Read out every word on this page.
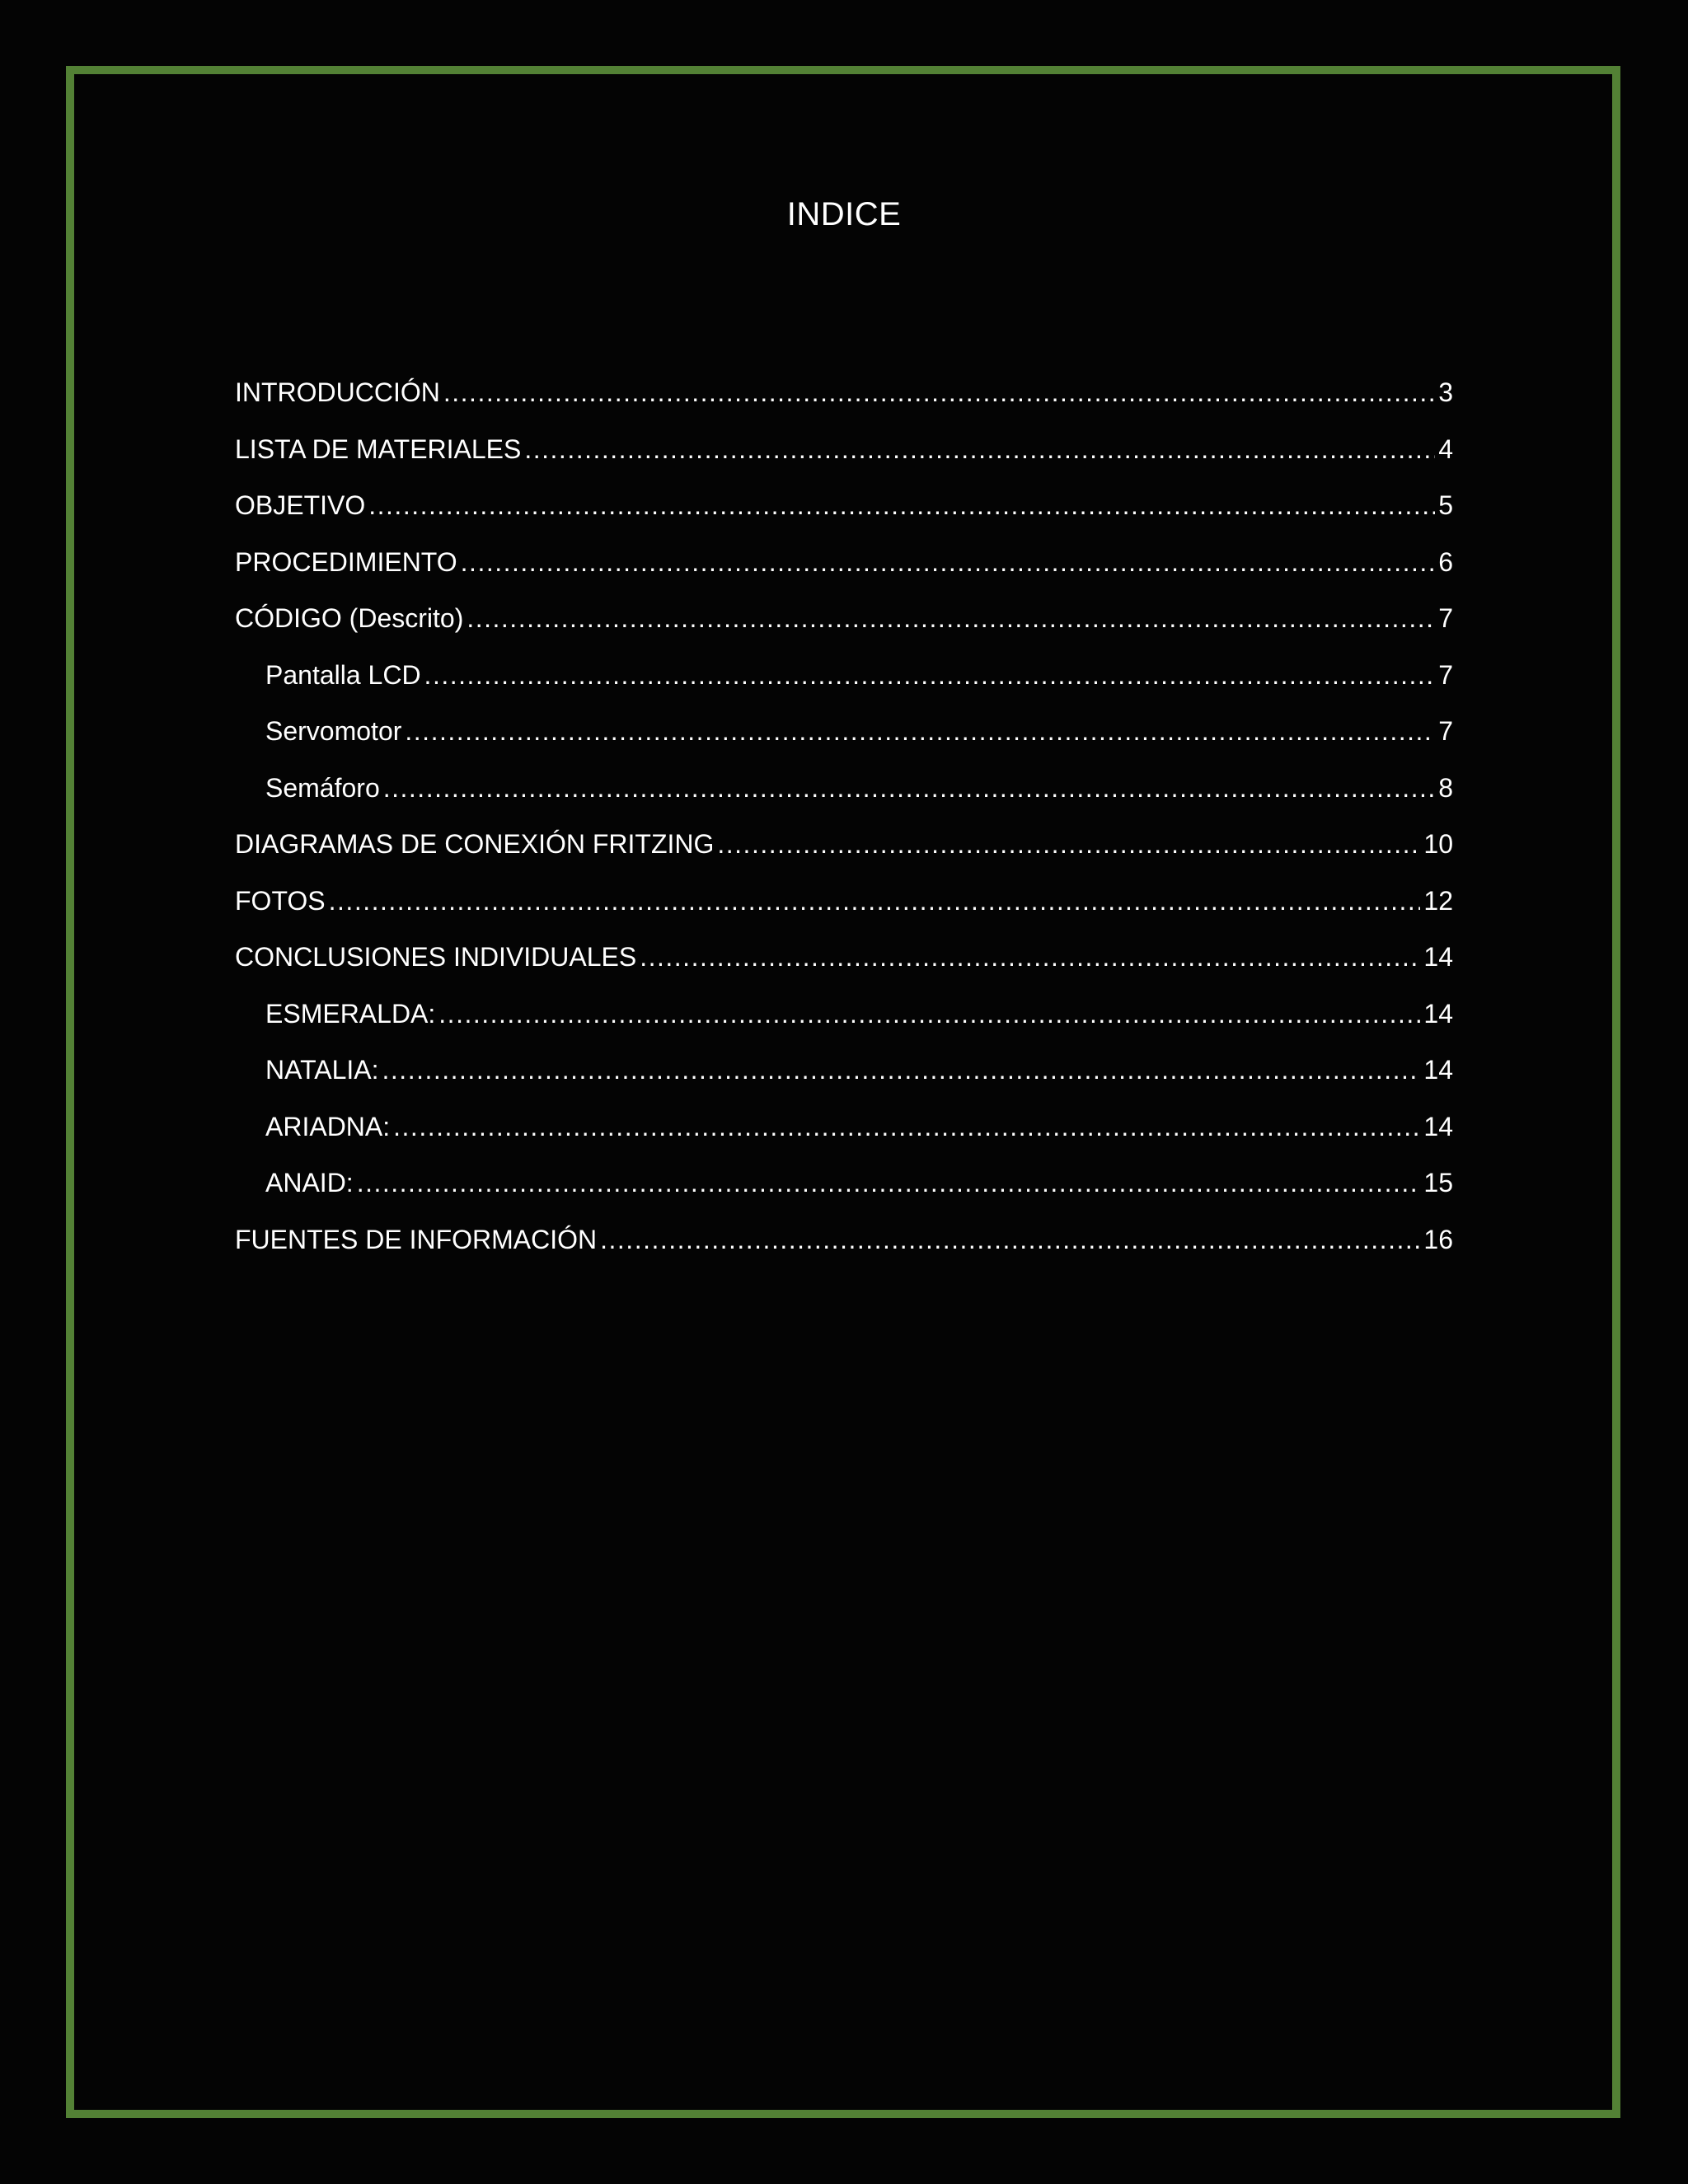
INDICE
INTRODUCCIÓN .....	3
LISTA DE MATERIALES .....	4
OBJETIVO .....	5
PROCEDIMIENTO .....	6
CÓDIGO (Descrito) .....	7
Pantalla LCD .....	7
Servomotor .....	7
Semáforo .....	8
DIAGRAMAS DE CONEXIÓN FRITZING .....	10
FOTOS .....	12
CONCLUSIONES INDIVIDUALES .....	14
ESMERALDA: .....	14
NATALIA: .....	14
ARIADNA: .....	14
ANAID: .....	15
FUENTES DE INFORMACIÓN .....	16
